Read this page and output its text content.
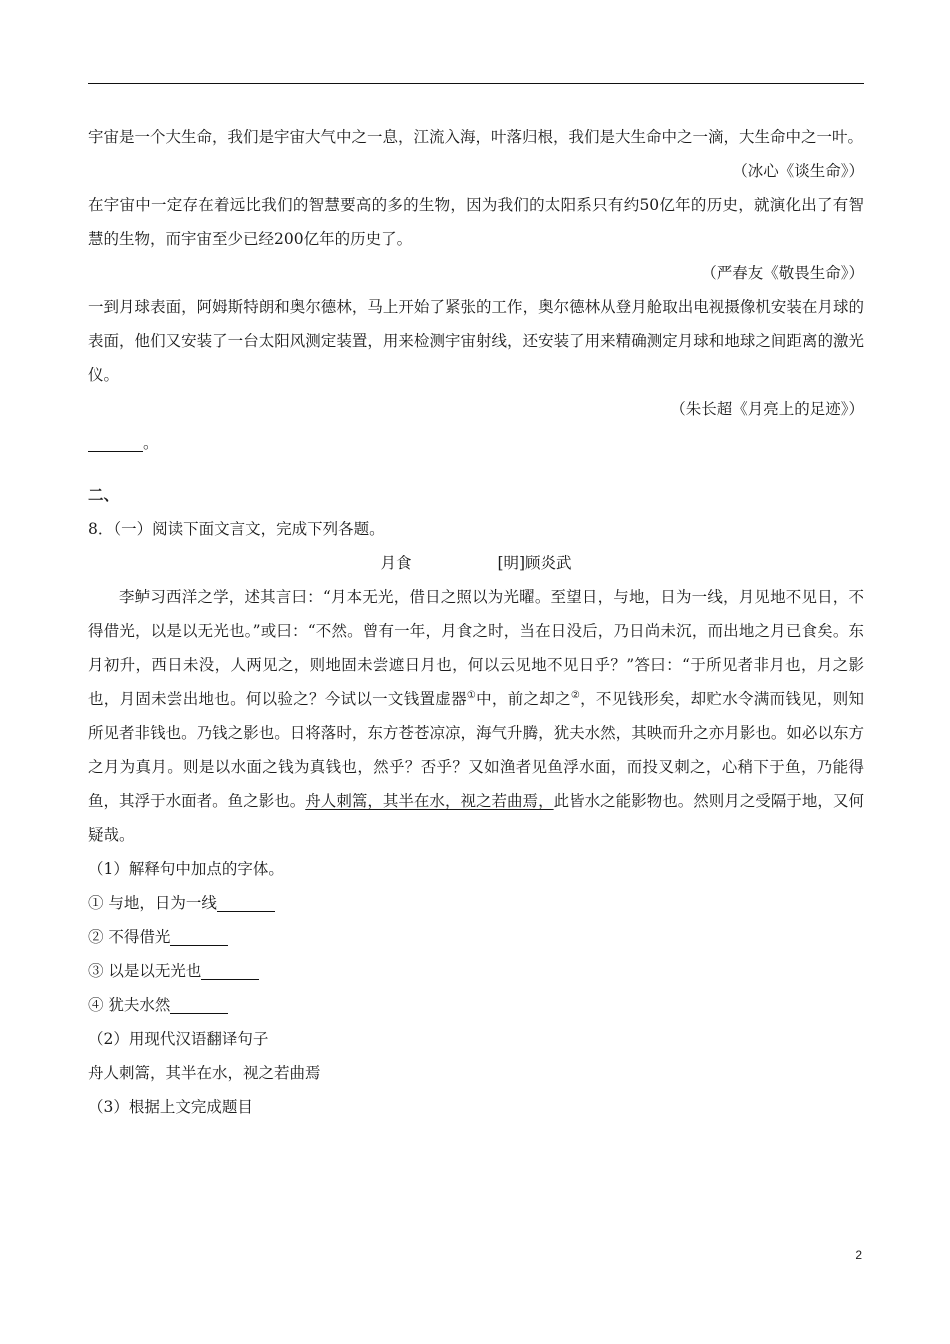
宇宙是一个大生命，我们是宇宙大气中之一息，江流入海，叶落归根，我们是大生命中之一滴，大生命中之一叶。

（冰心《谈生命》）

在宇宙中一定存在着远比我们的智慧要高的多的生物，因为我们的太阳系只有约50亿年的历史，就演化出了有智慧的生物，而宇宙至少已经200亿年的历史了。

（严春友《敬畏生命》）

一到月球表面，阿姆斯特朗和奥尔德林，马上开始了紧张的工作，奥尔德林从登月舱取出电视摄像机安装在月球的表面，他们又安装了一台太阳风测定装置，用来检测宇宙射线，还安装了用来精确测定月球和地球之间距离的激光仪。

（朱长超《月亮上的足迹》）

。

二、

8．（一）阅读下面文言文，完成下列各题。

月食	[明]顾炎武

李鲈习西洋之学，述其言曰：“月本无光，借日之照以为光曜。至望日，与地，日为一线，月见地不见日，不得借光，以是以无光也。”或曰：“不然。曾有一年，月食之时，当在日没后，乃日尚未沉，而出地之月已食矣。东月初升，西日未没，人两见之，则地固未尝遮日月也，何以云见地不见日乎？”答曰：“于所见者非月也，月之影也，月固未尝出地也。何以验之？今试以一文钱置虚器①中，前之却之②，不见钱形矣，却贮水令满而钱见，则知所见者非钱也。乃钱之影也。日将落时，东方苍苍凉凉，海气升腾，犹夫水然，其映而升之亦月影也。如必以东方之月为真月。则是以水面之钱为真钱也，然乎？否乎？又如渔者见鱼浮水面，而投叉刺之，心稍下于鱼，乃能得鱼，其浮于水面者。鱼之影也。舟人刺篙，其半在水，视之若曲焉，此皆水之能影物也。然则月之受隔于地，又何疑哉。

（1）解释句中加点的字体。

① 与地，日为一线

② 不得借光

③ 以是以无光也

④ 犹夫水然

（2）用现代汉语翻译句子

舟人刺篙，其半在水，视之若曲焉

（3）根据上文完成题目

2
